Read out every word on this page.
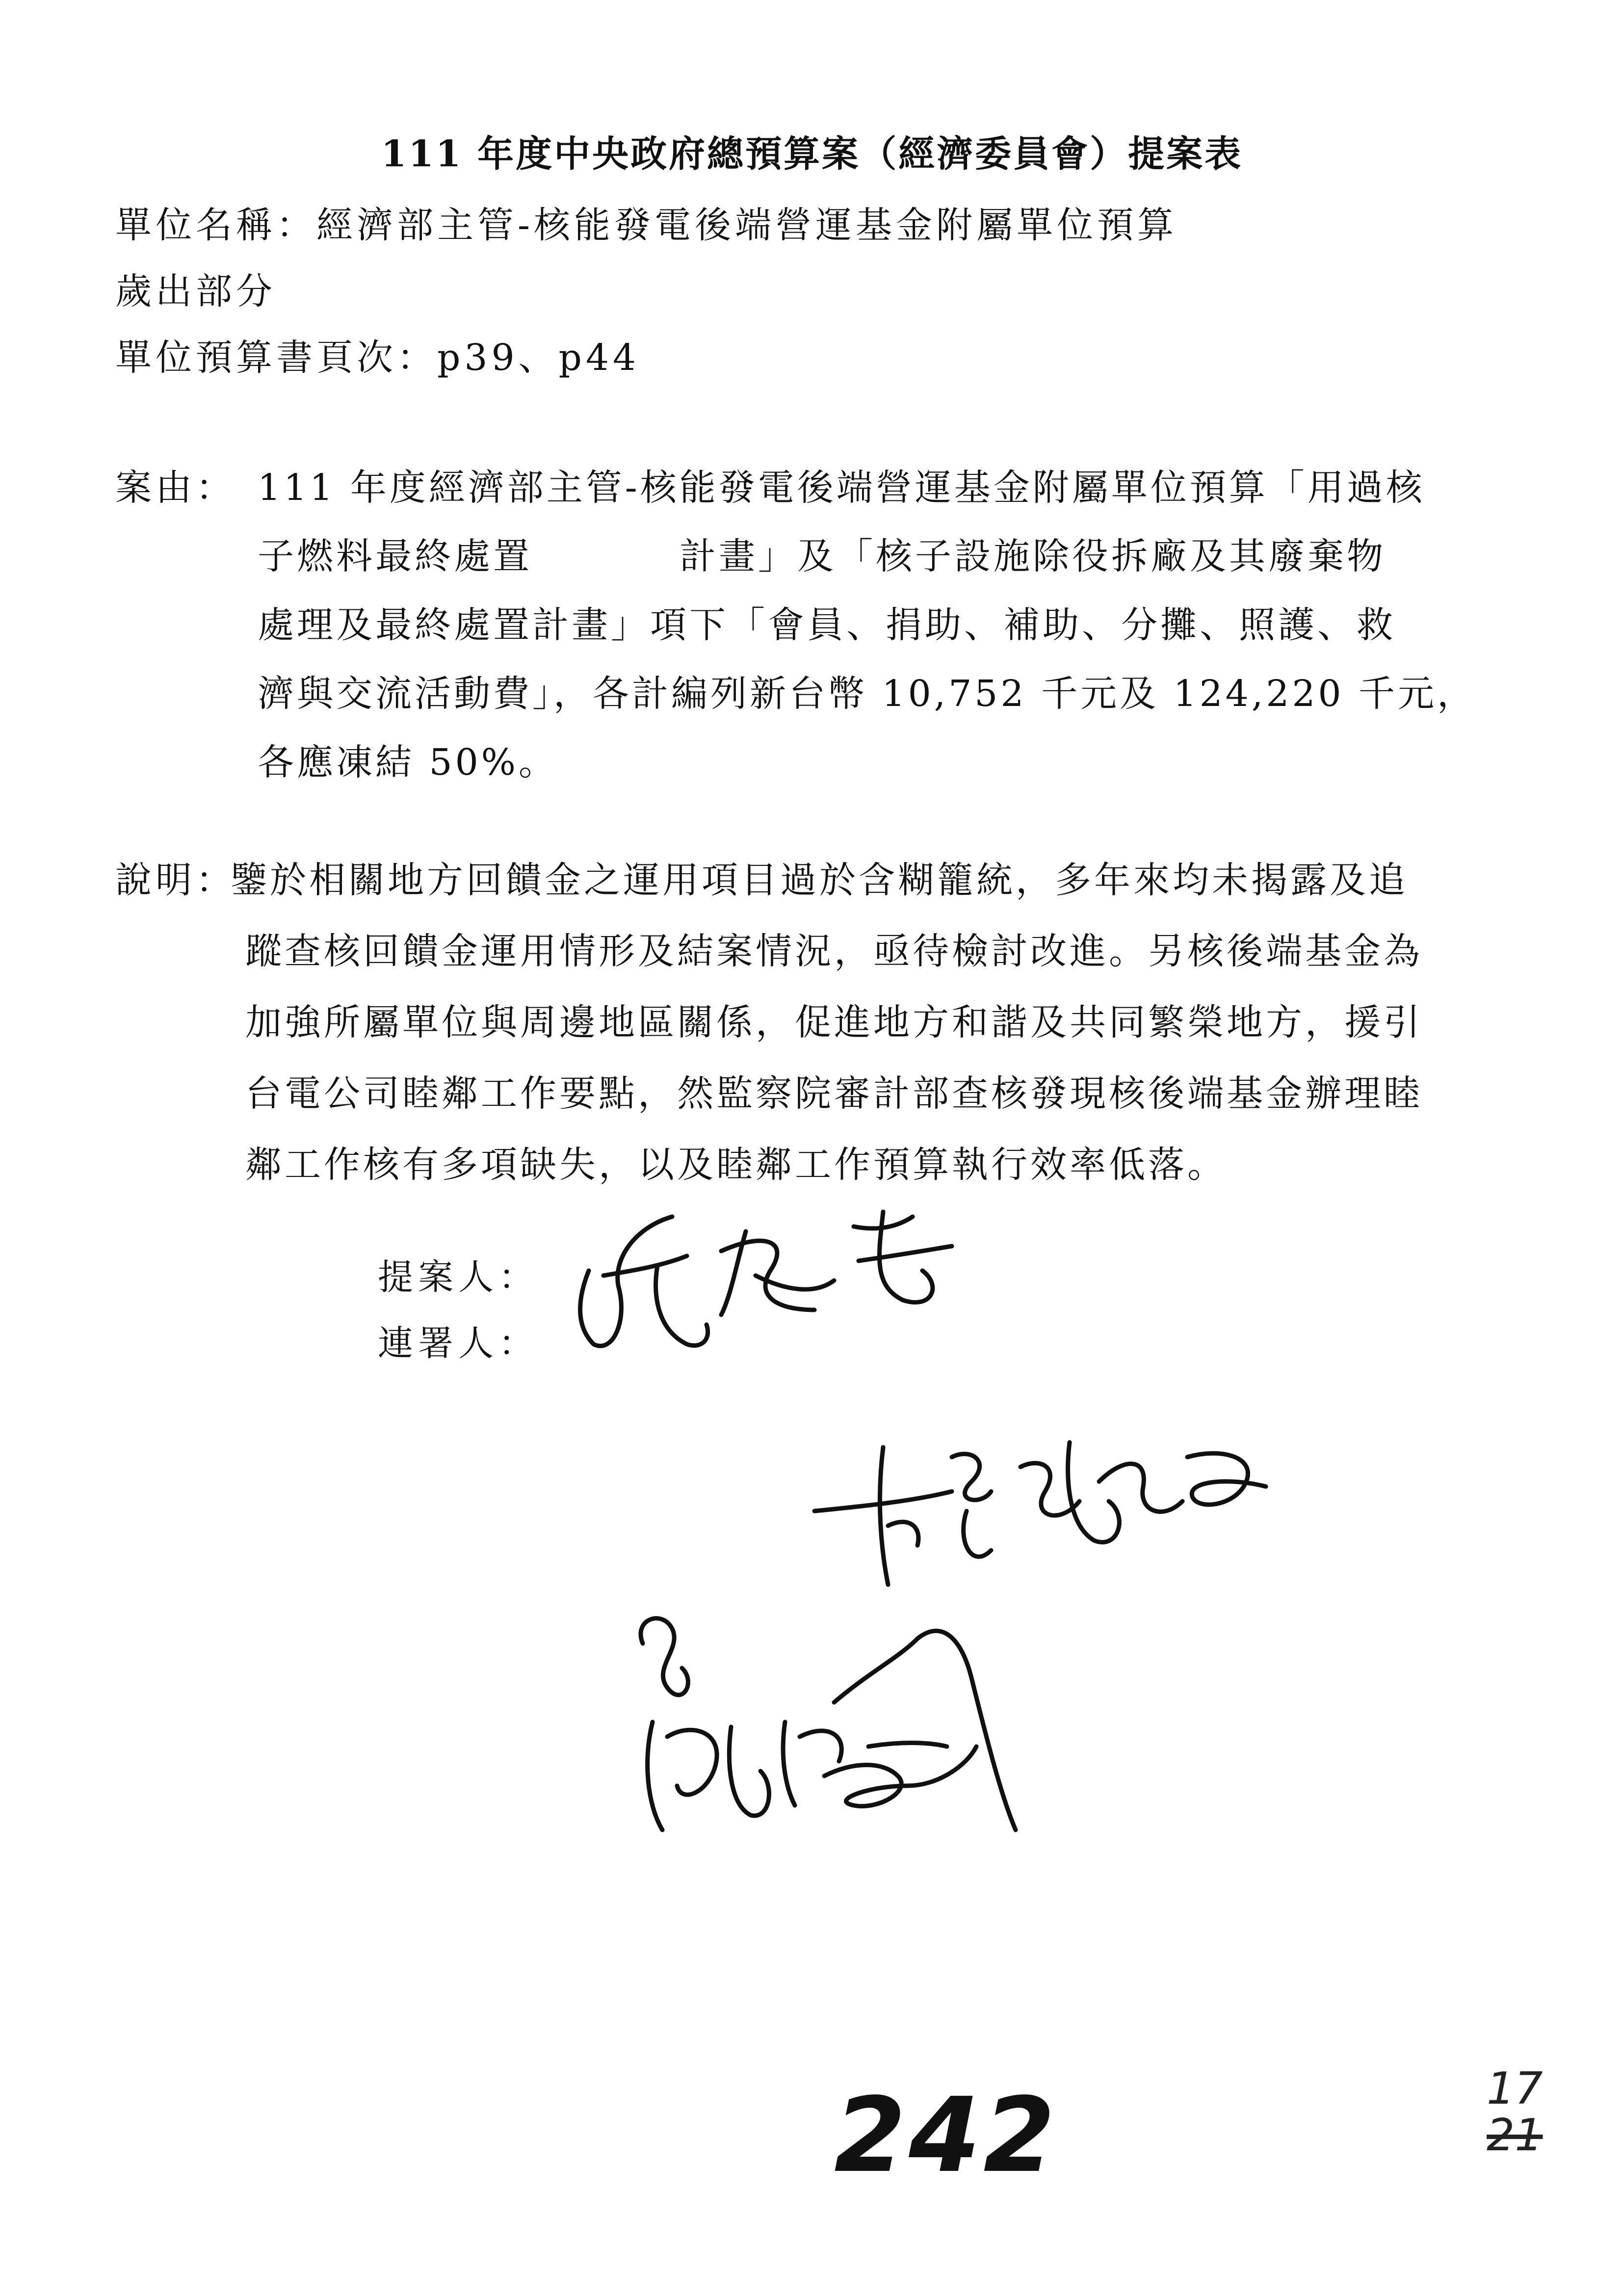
111 年度中央政府總預算案（經濟委員會）提案表
單位名稱：經濟部主管-核能發電後端營運基金附屬單位預算
歲出部分
單位預算書頁次：p39、p44
案由： 111 年度經濟部主管-核能發電後端營運基金附屬單位預算「用過核
子燃料最終處置	計畫」及「核子設施除役拆廠及其廢棄物
處理及最終處置計畫」項下「會員、捐助、補助、分攤、照護、救
濟與交流活動費」，各計編列新台幣 10,752 千元及 124,220 千元，
各應凍結 50%。
說明：
鑒於相關地方回饋金之運用項目過於含糊籠統，多年來均未揭露及追
蹤查核回饋金運用情形及結案情況，亟待檢討改進。另核後端基金為
加強所屬單位與周邊地區關係，促進地方和諧及共同繁榮地方，援引
台電公司睦鄰工作要點，然監察院審計部查核發現核後端基金辦理睦
鄰工作核有多項缺失，以及睦鄰工作預算執行效率低落。
提案人：
連署人：
242	17
21
